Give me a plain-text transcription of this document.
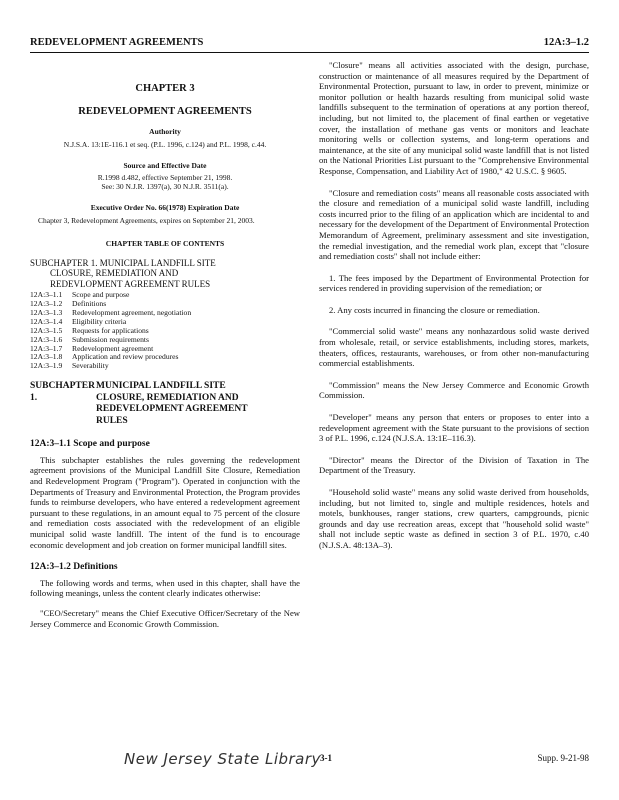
REDEVELOPMENT AGREEMENTS	12A:3–1.2
CHAPTER 3
REDEVELOPMENT AGREEMENTS
Authority
N.J.S.A. 13:1E-116.1 et seq. (P.L. 1996, c.124) and P.L. 1998, c.44.
Source and Effective Date
R.1998 d.482, effective September 21, 1998.
See: 30 N.J.R. 1397(a), 30 N.J.R. 3511(a).
Executive Order No. 66(1978) Expiration Date
Chapter 3, Redevelopment Agreements, expires on September 21, 2003.
CHAPTER TABLE OF CONTENTS
SUBCHAPTER 1. MUNICIPAL LANDFILL SITE
CLOSURE, REMEDIATION AND
REDEVLOPMENT AGREEMENT RULES
12A:3–1.1	Scope and purpose
12A:3–1.2	Definitions
12A:3–1.3	Redevelopment agreement, negotiation
12A:3–1.4	Eligibility criteria
12A:3–1.5	Requests for applications
12A:3–1.6	Submission requirements
12A:3–1.7	Redevelopment agreement
12A:3–1.8	Application and review procedures
12A:3–1.9	Severability
SUBCHAPTER 1.
MUNICIPAL LANDFILL SITE
CLOSURE, REMEDIATION AND
REDEVELOPMENT AGREEMENT
RULES
12A:3–1.1 Scope and purpose

This subchapter establishes the rules governing the redevelopment agreement provisions of the Municipal Landfill Site Closure, Remediation and Redevelopment Program ("Program"). Operated in conjunction with the Departments of Treasury and Environmental Protection, the Program provides funds to reimburse developers, who have entered a redevelopment agreement pursuant to these regulations, in an amount equal to 75 percent of the closure and remediation costs associated with the redevelopment of an eligible municipal solid waste landfill. The intent of the fund is to encourage economic development and job creation on former municipal landfill sites.

12A:3–1.2 Definitions

The following words and terms, when used in this chapter, shall have the following meanings, unless the content clearly indicates otherwise:

"CEO/Secretary" means the Chief Executive Officer/Secretary of the New Jersey Commerce and Economic Growth Commission.

"Closure" means all activities associated with the design, purchase, construction or maintenance of all measures required by the Department of Environmental Protection, pursuant to law, in order to prevent, minimize or monitor pollution or health hazards resulting from municipal solid waste landfills subsequent to the termination of operations at any portion thereof, including, but not limited to, the placement of final earthen or vegetative cover, the installation of methane gas vents or monitors and leachate monitoring wells or collection systems, and long-term operations and maintenance, at the site of any municipal solid waste landfill that is not listed on the National Priorities List pursuant to the "Comprehensive Environmental Response, Compensation, and Liability Act of 1980," 42 U.S.C. § 9605.

"Closure and remediation costs" means all reasonable costs associated with the closure and remediation of a municipal solid waste landfill, including costs incurred prior to the filing of an application which are incidental to and necessary for the development of the Department of Environmental Protection Memorandum of Agreement, preliminary assessment and site investigation, the remedial investigation, and the remedial work plan, except that "closure and remediation costs" shall not include either:

1. The fees imposed by the Department of Environmental Protection for services rendered in providing supervision of the remediation; or

2. Any costs incurred in financing the closure or remediation.

"Commercial solid waste" means any nonhazardous solid waste derived from wholesale, retail, or service establishments, including stores, markets, theaters, offices, restaurants, warehouses, or from other non-manufacturing commercial establishments.

"Commission" means the New Jersey Commerce and Economic Growth Commission.

"Developer" means any person that enters or proposes to enter into a redevelopment agreement with the State pursuant to the provisions of section 3 of P.L. 1996, c.124 (N.J.S.A. 13:1E–116.3).

"Director" means the Director of the Division of Taxation in The Department of the Treasury.

"Household solid waste" means any solid waste derived from households, including, but not limited to, single and multiple residences, hotels and motels, bunkhouses, ranger stations, crew quarters, campgrounds, picnic grounds and day use recreation areas, except that "household solid waste" shall not include septic waste as defined in section 3 of P.L. 1970, c.40 (N.J.S.A. 48:13A–3).

New Jersey State Library 3-1	Supp. 9-21-98
